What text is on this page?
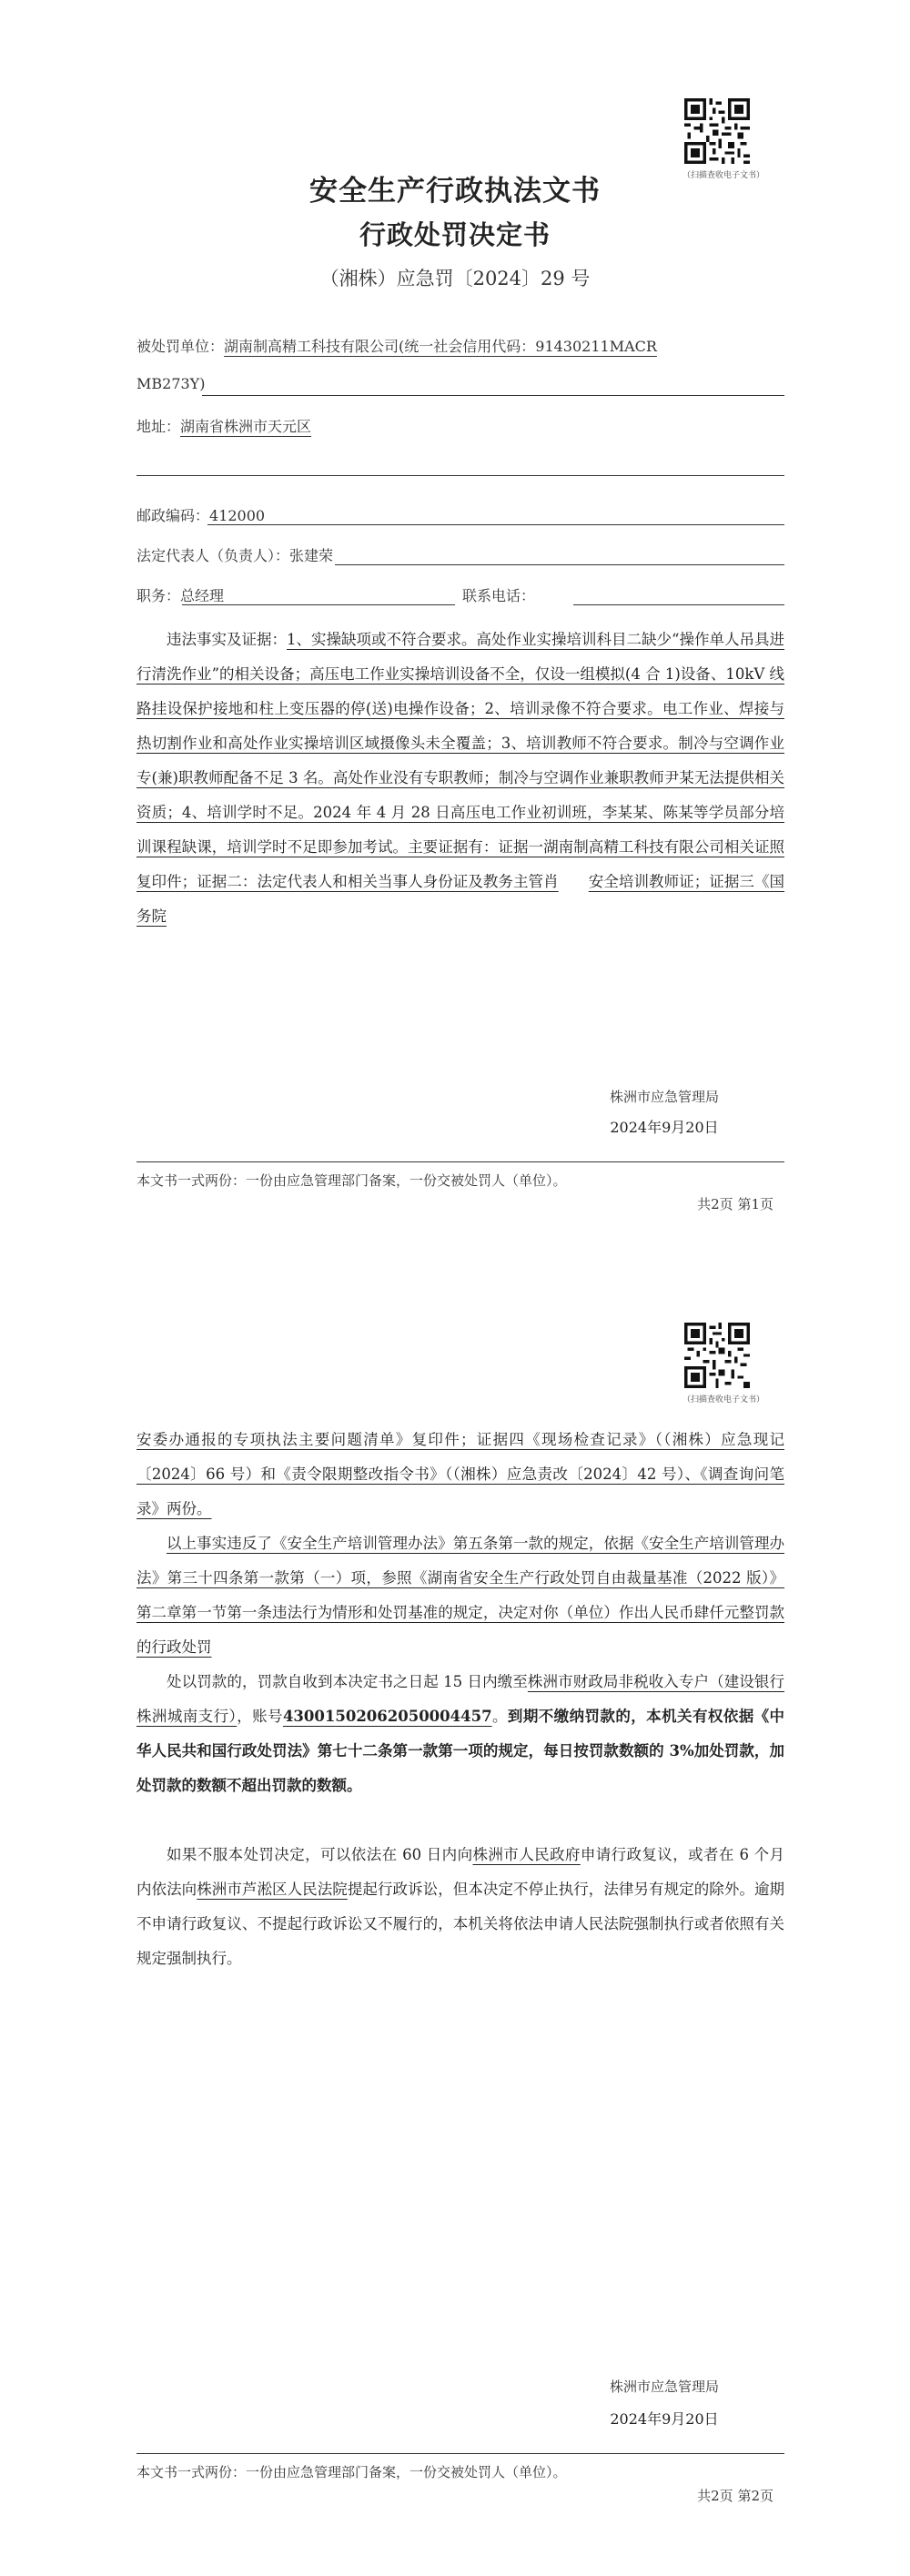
（扫描查收电子文书）
安全生产行政执法文书
行政处罚决定书
（湘株）应急罚〔2024〕29 号
被处罚单位：湖南制高精工科技有限公司(统一社会信用代码：91430211MACR
MB273Y)
地址：湖南省株洲市天元区
邮政编码：412000
法定代表人（负责人）：张建荣
职务：总经理	联系电话：
违法事实及证据：1、实操缺项或不符合要求。高处作业实操培训科目二缺少“操作单人吊具进行清洗作业”的相关设备；高压电工作业实操培训设备不全，仅设一组模拟(4 合 1)设备、10kV 线路挂设保护接地和柱上变压器的停(送)电操作设备；2、培训录像不符合要求。电工作业、焊接与热切割作业和高处作业实操培训区域摄像头未全覆盖；3、培训教师不符合要求。制冷与空调作业专(兼)职教师配备不足 3 名。高处作业没有专职教师；制冷与空调作业兼职教师尹某无法提供相关资质；4、培训学时不足。2024 年 4 月 28 日高压电工作业初训班，李某某、陈某等学员部分培训课程缺课，培训学时不足即参加考试。主要证据有：证据一湖南制高精工科技有限公司相关证照复印件；证据二：法定代表人和相关当事人身份证及教务主管肖　　 安全培训教师证；证据三《国务院
株洲市应急管理局
2024年9月20日
本文书一式两份：一份由应急管理部门备案，一份交被处罚人（单位）。
共2页 第1页
（扫描查收电子文书）
安委办通报的专项执法主要问题清单》复印件；证据四《现场检查记录》（（湘株）应急现记〔2024〕66 号）和《责令限期整改指令书》（（湘株）应急责改〔2024〕42 号）、《调查询问笔录》两份。
以上事实违反了《安全生产培训管理办法》第五条第一款的规定，依据《安全生产培训管理办法》第三十四条第一款第（一）项，参照《湖南省安全生产行政处罚自由裁量基准（2022 版）》第二章第一节第一条违法行为情形和处罚基准的规定，决定对你（单位）作出人民币肆仟元整罚款的行政处罚
处以罚款的，罚款自收到本决定书之日起 15 日内缴至株洲市财政局非税收入专户（建设银行株洲城南支行），账号43001502062050004457。到期不缴纳罚款的，本机关有权依据《中华人民共和国行政处罚法》第七十二条第一款第一项的规定，每日按罚款数额的 3%加处罚款，加处罚款的数额不超出罚款的数额。
如果不服本处罚决定，可以依法在 60 日内向株洲市人民政府申请行政复议，或者在 6 个月内依法向株洲市芦淞区人民法院提起行政诉讼，但本决定不停止执行，法律另有规定的除外。逾期不申请行政复议、不提起行政诉讼又不履行的，本机关将依法申请人民法院强制执行或者依照有关规定强制执行。
株洲市应急管理局
2024年9月20日
本文书一式两份：一份由应急管理部门备案，一份交被处罚人（单位）。
共2页 第2页
